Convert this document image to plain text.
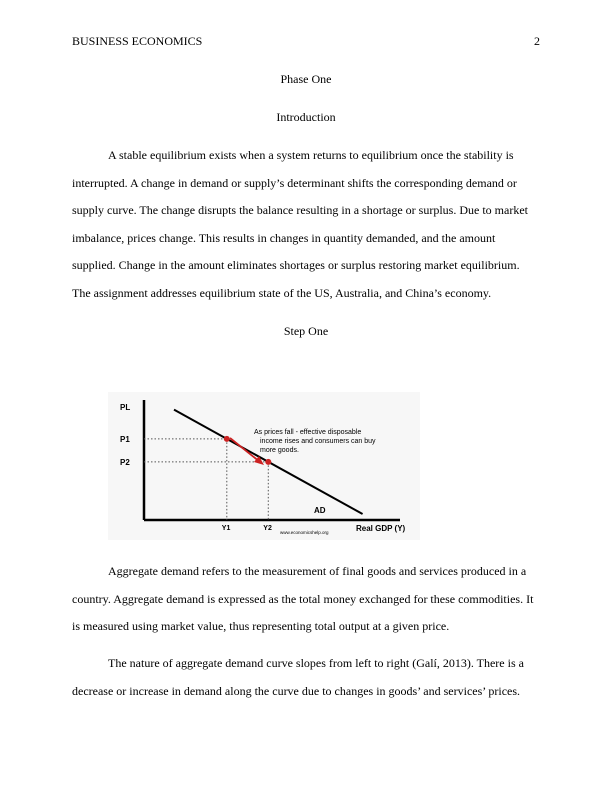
BUSINESS ECONOMICS	2
Phase One
Introduction
A stable equilibrium exists when a system returns to equilibrium once the stability is
interrupted. A change in demand or supply’s determinant shifts the corresponding demand or
supply curve. The change disrupts the balance resulting in a shortage or surplus. Due to market
imbalance, prices change. This results in changes in quantity demanded, and the amount
supplied. Change in the amount eliminates shortages or surplus restoring market equilibrium.
The assignment addresses equilibrium state of the US, Australia, and China’s economy.
Step One
PL
Real GDP (Y)
AD
P1
Y1
P2
Y2
As prices fall - effective disposable
income rises and consumers can buy
more goods.
www.economicshelp.org
Aggregate demand refers to the measurement of final goods and services produced in a
country. Aggregate demand is expressed as the total money exchanged for these commodities. It
is measured using market value, thus representing total output at a given price.
The nature of aggregate demand curve slopes from left to right (Galí, 2013). There is a
decrease or increase in demand along the curve due to changes in goods’ and services’ prices.
